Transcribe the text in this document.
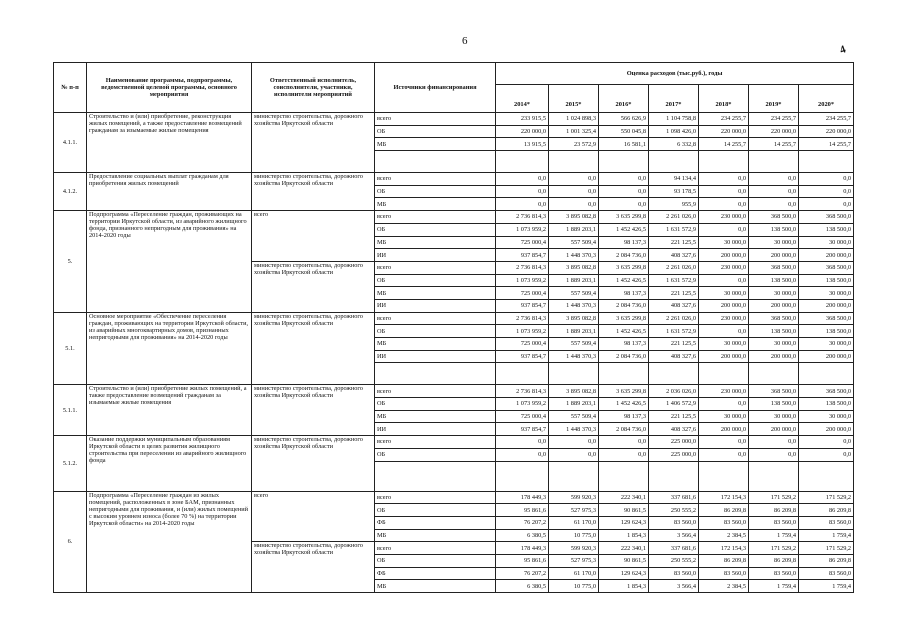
6
4
№ п-п	Наименование программы, подпрограммы, ведомственной целевой программы, основного мероприятия	Ответственный исполнитель, соисполнители, участники, исполнители мероприятий	Источники финансирования	Оценка расходов (тыс.руб.), годы						
				2014*	2015*	2016*	2017*	2018*	2019*	2020*
4.1.1.	Строительство и (или) приобретение, реконструкция жилых помещений, а также предоставление возмещений гражданам за изымаемые жилые помещения	министерство строительства, дорожного хозяйства Иркутской области	всего	233 915,5	1 024 898,3	566 626,9	1 104 758,8	234 255,7	234 255,7	234 255,7
			ОБ	220 000,0	1 001 325,4	550 045,8	1 098 426,0	220 000,0	220 000,0	220 000,0
			МБ	13 915,5	23 572,9	16 581,1	6 332,8	14 255,7	14 255,7	14 255,7

4.1.2.	Предоставление социальных выплат гражданам для приобретения жилых помещений	министерство строительства, дорожного хозяйства Иркутской области	всего	0,0	0,0	0,0	94 134,4	0,0	0,0	0,0
			ОБ	0,0	0,0	0,0	93 178,5	0,0	0,0	0,0
			МБ	0,0	0,0	0,0	955,9	0,0	0,0	0,0
5.	Подпрограмма «Переселение граждан, проживающих на территории Иркутской области, из аварийного жилищного фонда, признанного непригодным для проживания» на 2014-2020 годы	всего	всего	2 736 814,3	3 895 082,8	3 635 299,8	2 261 026,0	230 000,0	368 500,0	368 500,0
			ОБ	1 073 959,2	1 889 203,1	1 452 426,5	1 631 572,9	0,0	138 500,0	138 500,0
			МБ	725 000,4	557 509,4	98 137,3	221 125,5	30 000,0	30 000,0	30 000,0
			ИИ	937 854,7	1 448 370,3	2 084 736,0	408 327,6	200 000,0	200 000,0	200 000,0
		министерство строительства, дорожного хозяйства Иркутской области	всего	2 736 814,3	3 895 082,8	3 635 299,8	2 261 026,0	230 000,0	368 500,0	368 500,0
			ОБ	1 073 959,2	1 889 203,1	1 452 426,5	1 631 572,9	0,0	138 500,0	138 500,0
			МБ	725 000,4	557 509,4	98 137,3	221 125,5	30 000,0	30 000,0	30 000,0
			ИИ	937 854,7	1 448 370,3	2 084 736,0	408 327,6	200 000,0	200 000,0	200 000,0
5.1.	Основное мероприятие «Обеспечение переселения граждан, проживающих на территории Иркутской области, из аварийных многоквартирных домов, признанных непригодными для проживания» на 2014-2020 годы	министерство строительства, дорожного хозяйства Иркутской области	всего	2 736 814,3	3 895 082,8	3 635 299,8	2 261 026,0	230 000,0	368 500,0	368 500,0
			ОБ	1 073 959,2	1 889 203,1	1 452 426,5	1 631 572,9	0,0	138 500,0	138 500,0
			МБ	725 000,4	557 509,4	98 137,3	221 125,5	30 000,0	30 000,0	30 000,0
			ИИ	937 854,7	1 448 370,3	2 084 736,0	408 327,6	200 000,0	200 000,0	200 000,0

5.1.1.	Строительство и (или) приобретение жилых помещений, а также предоставление возмещений гражданам за изымаемые жилые помещения	министерство строительства, дорожного хозяйства Иркутской области	всего	2 736 814,3	3 895 082,8	3 635 299,8	2 036 026,0	230 000,0	368 500,0	368 500,0
			ОБ	1 073 959,2	1 889 203,1	1 452 426,5	1 406 572,9	0,0	138 500,0	138 500,0
			МБ	725 000,4	557 509,4	98 137,3	221 125,5	30 000,0	30 000,0	30 000,0
			ИИ	937 854,7	1 448 370,3	2 084 736,0	408 327,6	200 000,0	200 000,0	200 000,0
5.1.2.	Оказание поддержки муниципальным образованиям Иркутской области в целях развития жилищного строительства при переселении из аварийного жилищного фонда	министерство строительства, дорожного хозяйства Иркутской области	всего	0,0	0,0	0,0	225 000,0	0,0	0,0	0,0
			ОБ	0,0	0,0	0,0	225 000,0	0,0	0,0	0,0

6.	Подпрограмма «Переселение граждан из жилых помещений, расположенных в зоне БАМ, признанных непригодными для проживания, и (или) жилых помещений с высоким уровнем износа (более 70 %) на территории Иркутской области» на 2014-2020 годы	всего	всего	178 449,3	599 920,3	222 340,1	337 681,6	172 154,3	171 529,2	171 529,2
			ОБ	95 861,6	527 975,3	90 861,5	250 555,2	86 209,8	86 209,8	86 209,8
			ФБ	76 207,2	61 170,0	129 624,3	83 560,0	83 560,0	83 560,0	83 560,0
			МБ	6 380,5	10 775,0	1 854,3	3 566,4	2 384,5	1 759,4	1 759,4
		министерство строительства, дорожного хозяйства Иркутской области	всего	178 449,3	599 920,3	222 340,1	337 681,6	172 154,3	171 529,2	171 529,2
			ОБ	95 861,6	527 975,3	90 861,5	250 555,2	86 209,8	86 209,8	86 209,8
			ФБ	76 207,2	61 170,0	129 624,3	83 560,0	83 560,0	83 560,0	83 560,0
			МБ	6 380,5	10 775,0	1 854,3	3 566,4	2 384,5	1 759,4	1 759,4
